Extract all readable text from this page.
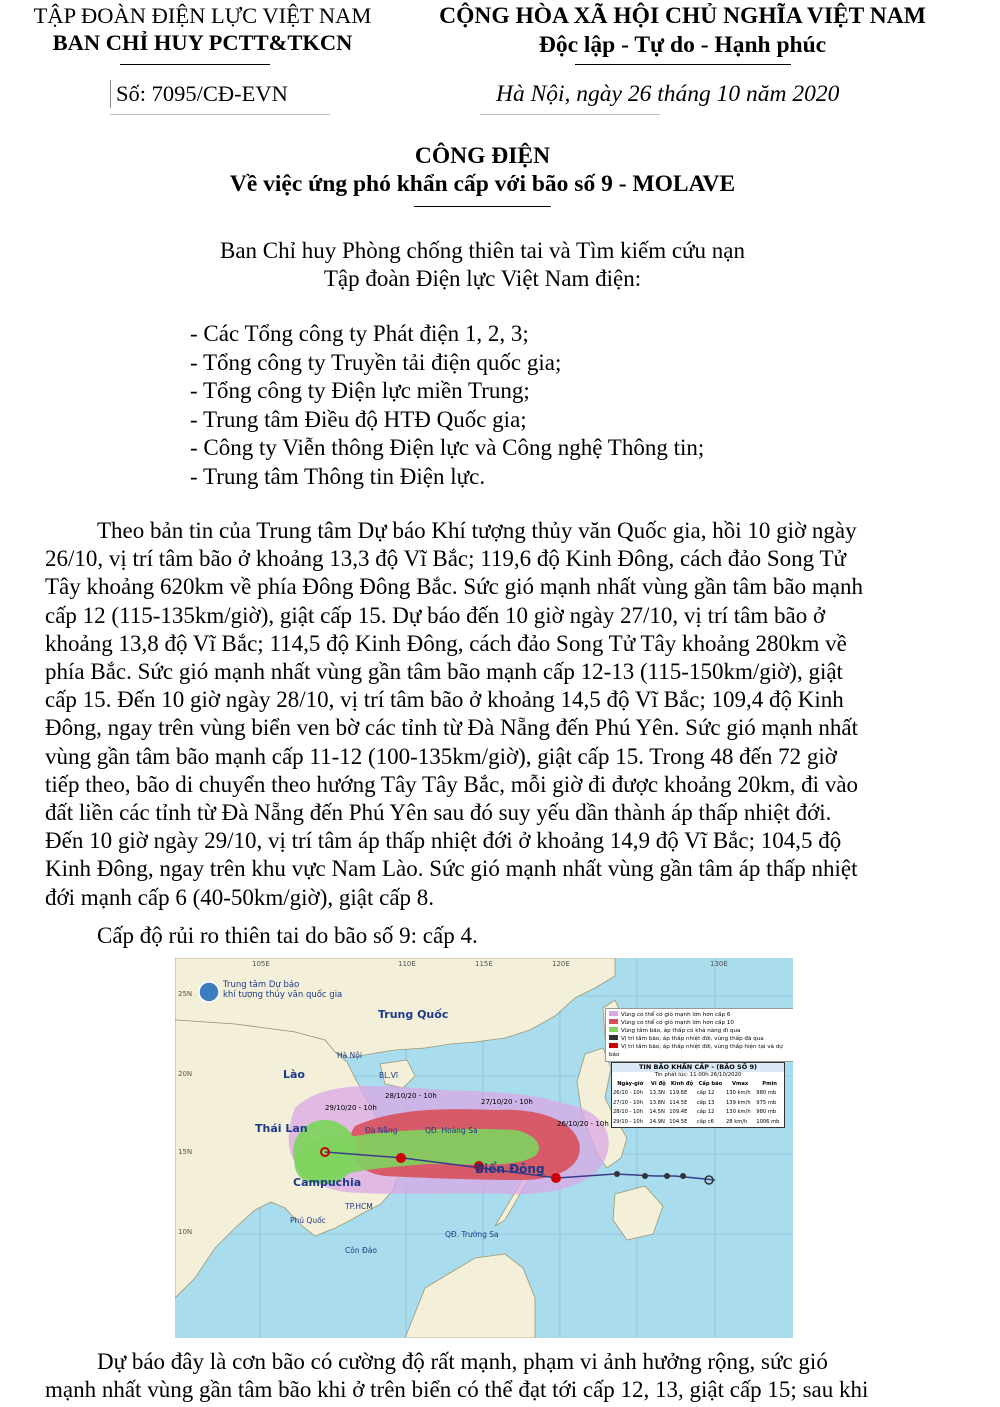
TẬP ĐOÀN ĐIỆN LỰC VIỆT NAM
BAN CHỈ HUY PCTT&TKCN
CỘNG HÒA XÃ HỘI CHỦ NGHĨA VIỆT NAM
Độc lập - Tự do - Hạnh phúc
Số: 7095/CĐ-EVN	Hà Nội, ngày 26 tháng 10 năm 2020
CÔNG ĐIỆN
Về việc ứng phó khẩn cấp với bão số 9 - MOLAVE
Ban Chỉ huy Phòng chống thiên tai và Tìm kiếm cứu nạn
Tập đoàn Điện lực Việt Nam điện:
- Các Tổng công ty Phát điện 1, 2, 3;
- Tổng công ty Truyền tải điện quốc gia;
- Tổng công ty Điện lực miền Trung;
- Trung tâm Điều độ HTĐ Quốc gia;
- Công ty Viễn thông Điện lực và Công nghệ Thông tin;
- Trung tâm Thông tin Điện lực.
Theo bản tin của Trung tâm Dự báo Khí tượng thủy văn Quốc gia, hồi 10 giờ ngày
26/10, vị trí tâm bão ở khoảng 13,3 độ Vĩ Bắc; 119,6 độ Kinh Đông, cách đảo Song Tử
Tây khoảng 620km về phía Đông Đông Bắc. Sức gió mạnh nhất vùng gần tâm bão mạnh
cấp 12 (115-135km/giờ), giật cấp 15. Dự báo đến 10 giờ ngày 27/10, vị trí tâm bão ở
khoảng 13,8 độ Vĩ Bắc; 114,5 độ Kinh Đông, cách đảo Song Tử Tây khoảng 280km về
phía Bắc. Sức gió mạnh nhất vùng gần tâm bão mạnh cấp 12-13 (115-150km/giờ), giật
cấp 15. Đến 10 giờ ngày 28/10, vị trí tâm bão ở khoảng 14,5 độ Vĩ Bắc; 109,4 độ Kinh
Đông, ngay trên vùng biển ven bờ các tỉnh từ Đà Nẵng đến Phú Yên. Sức gió mạnh nhất
vùng gần tâm bão mạnh cấp 11-12 (100-135km/giờ), giật cấp 15. Trong 48 đến 72 giờ
tiếp theo, bão di chuyển theo hướng Tây Tây Bắc, mỗi giờ đi được khoảng 20km, đi vào
đất liền các tỉnh từ Đà Nẵng đến Phú Yên sau đó suy yếu dần thành áp thấp nhiệt đới.
Đến 10 giờ ngày 29/10, vị trí tâm áp thấp nhiệt đới ở khoảng 14,9 độ Vĩ Bắc; 104,5 độ
Kinh Đông, ngay trên khu vực Nam Lào. Sức gió mạnh nhất vùng gần tâm áp thấp nhiệt
đới mạnh cấp 6 (40-50km/giờ), giật cấp 8.
Cấp độ rủi ro thiên tai do bão số 9: cấp 4.
Trung tâm Dự báo
khí tượng thủy văn quốc gia
Trung Quốc
Lào
Thái Lan
Campuchia
Biển Đông
Hà Nội
BL.Vĩ
Đà Nẵng	QĐ. Hoàng Sa
TP.HCM
Phú Quốc
QĐ. Trường Sa
Côn Đảo
29/10/20 - 10h
28/10/20 - 10h
27/10/20 - 10h
26/10/20 - 10h
105E	110E	115E	120E	130E
25N
20N
15N
10N
Vùng có thể có gió mạnh lớn hơn cấp 6
Vùng có thể có gió mạnh lớn hơn cấp 10
Vùng tâm bão, áp thấp có khả năng đi qua
Vị trí tâm bão, áp thấp nhiệt đới, vùng thấp đã qua
Vị trí tâm bão, áp thấp nhiệt đới, vùng thấp hiện tại và dự báo
TIN BÃO KHẨN CẤP - (BÃO SỐ 9)
Tin phát lúc: 11:00h 26/10/2020
Ngày-giờ	Vĩ độ	Kinh độ	Cấp bão	Vmax	Pmin
26/10 - 10h	13.3N	119.6E	cấp 12	130 km/h	980 mb
27/10 - 10h	13.8N	114.5E	cấp 13	139 km/h	975 mb
28/10 - 10h	14.5N	109.4E	cấp 12	130 km/h	980 mb
29/10 - 10h	14.9N	104.5E	cấp c6	28 km/h	1006 mb
Dự báo đây là cơn bão có cường độ rất mạnh, phạm vi ảnh hưởng rộng, sức gió
mạnh nhất vùng gần tâm bão khi ở trên biển có thể đạt tới cấp 12, 13, giật cấp 15; sau khi
